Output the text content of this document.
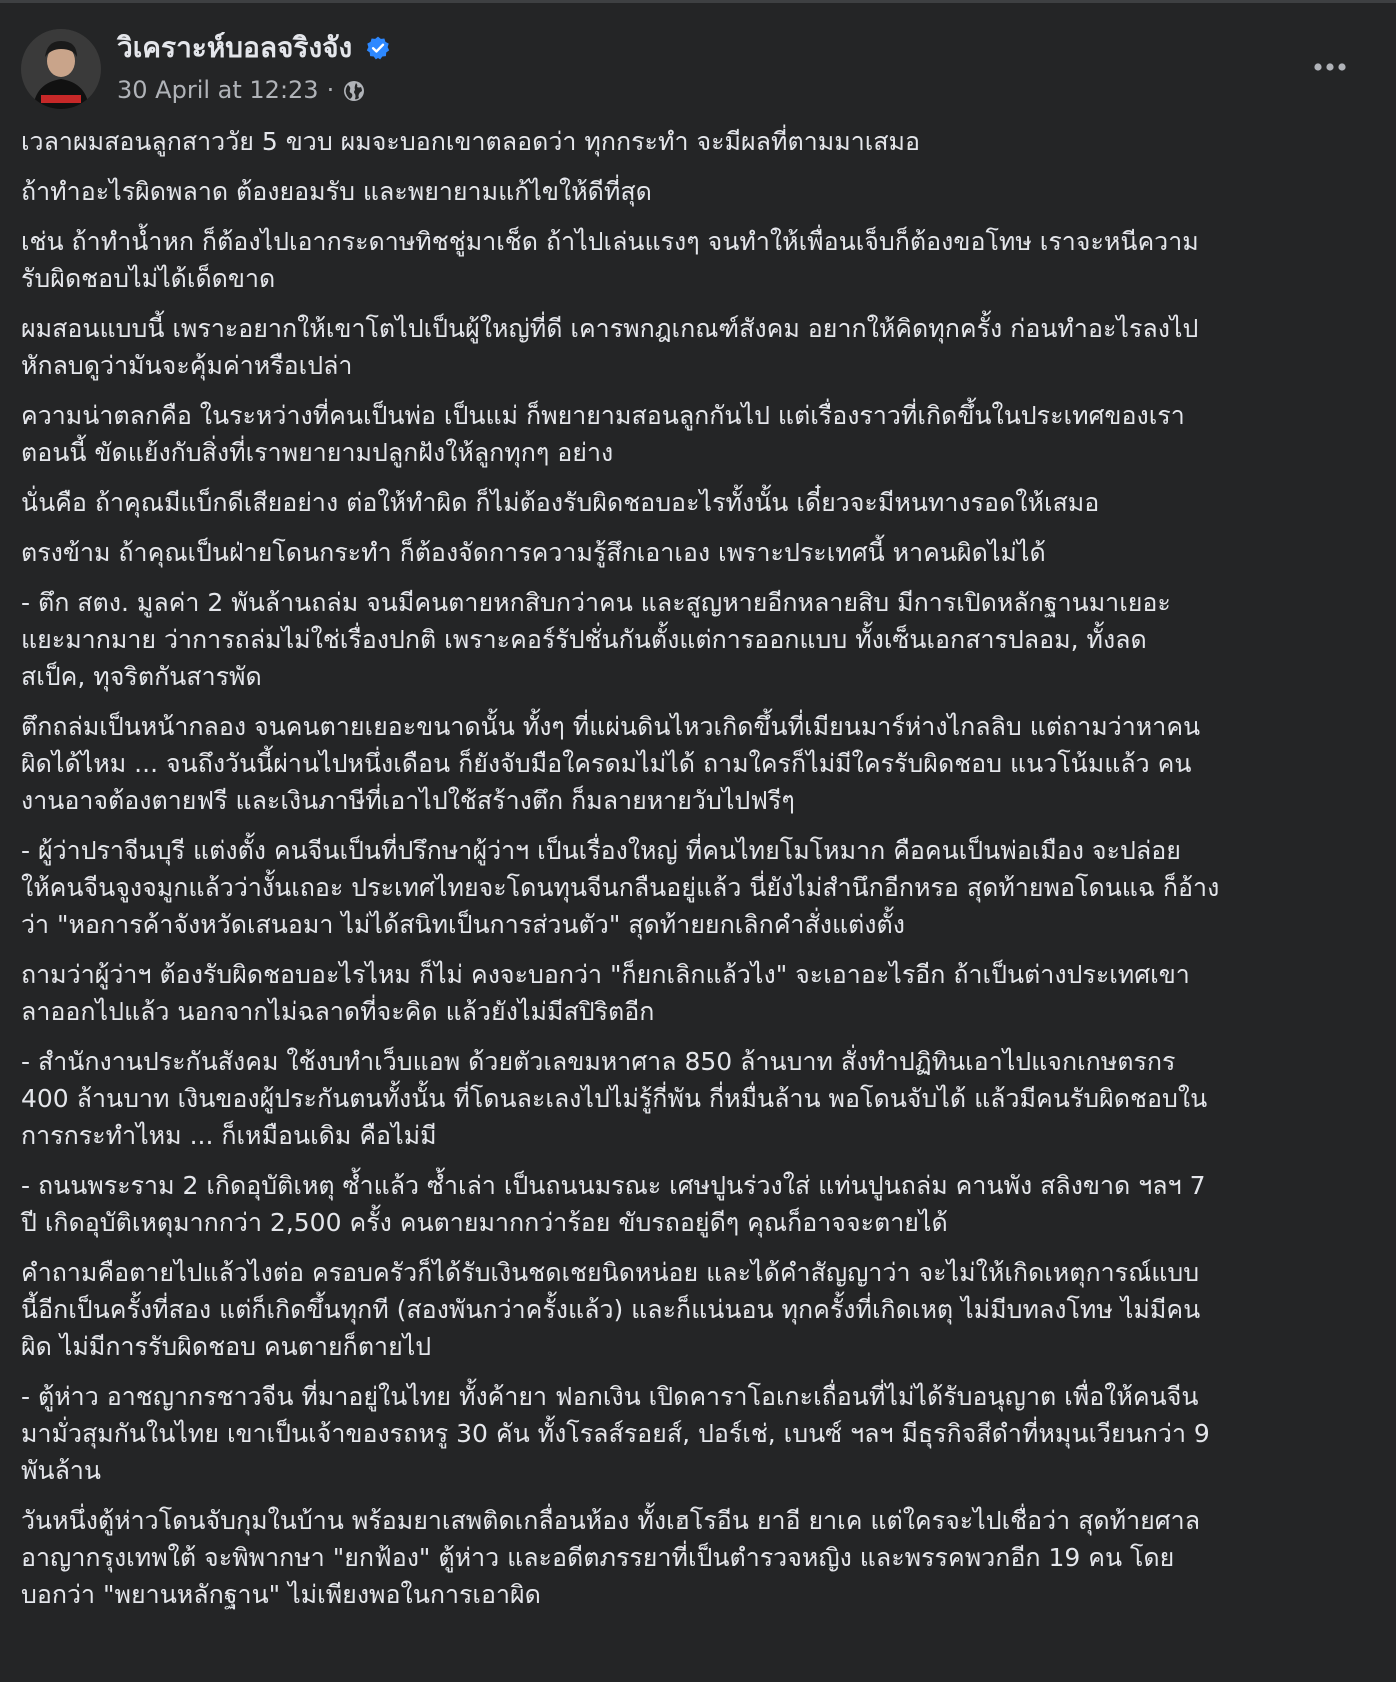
วิเคราะห์บอลจริงจัง
30 April at 12:23 ·

เวลาผมสอนลูกสาววัย 5 ขวบ ผมจะบอกเขาตลอดว่า ทุกกระทำ จะมีผลที่ตามมาเสมอ

ถ้าทำอะไรผิดพลาด ต้องยอมรับ และพยายามแก้ไขให้ดีที่สุด

เช่น ถ้าทำน้ำหก ก็ต้องไปเอากระดาษทิชชู่มาเช็ด ถ้าไปเล่นแรงๆ จนทำให้เพื่อนเจ็บก็ต้องขอโทษ เราจะหนีความ
รับผิดชอบไม่ได้เด็ดขาด

ผมสอนแบบนี้ เพราะอยากให้เขาโตไปเป็นผู้ใหญ่ที่ดี เคารพกฎเกณฑ์สังคม อยากให้คิดทุกครั้ง ก่อนทำอะไรลงไป
หักลบดูว่ามันจะคุ้มค่าหรือเปล่า

ความน่าตลกคือ ในระหว่างที่คนเป็นพ่อ เป็นแม่ ก็พยายามสอนลูกกันไป แต่เรื่องราวที่เกิดขึ้นในประเทศของเรา
ตอนนี้ ขัดแย้งกับสิ่งที่เราพยายามปลูกฝังให้ลูกทุกๆ อย่าง

นั่นคือ ถ้าคุณมีแบ็กดีเสียอย่าง ต่อให้ทำผิด ก็ไม่ต้องรับผิดชอบอะไรทั้งนั้น เดี๋ยวจะมีหนทางรอดให้เสมอ

ตรงข้าม ถ้าคุณเป็นฝ่ายโดนกระทำ ก็ต้องจัดการความรู้สึกเอาเอง เพราะประเทศนี้ หาคนผิดไม่ได้

- ตึก สตง. มูลค่า 2 พันล้านถล่ม จนมีคนตายหกสิบกว่าคน และสูญหายอีกหลายสิบ มีการเปิดหลักฐานมาเยอะ
แยะมากมาย ว่าการถล่มไม่ใช่เรื่องปกติ เพราะคอร์รัปชั่นกันตั้งแต่การออกแบบ ทั้งเซ็นเอกสารปลอม, ทั้งลด
สเป็ค, ทุจริตกันสารพัด

ตึกถล่มเป็นหน้ากลอง จนคนตายเยอะขนาดนั้น ทั้งๆ ที่แผ่นดินไหวเกิดขึ้นที่เมียนมาร์ห่างไกลลิบ แต่ถามว่าหาคน
ผิดได้ไหม ... จนถึงวันนี้ผ่านไปหนึ่งเดือน ก็ยังจับมือใครดมไม่ได้ ถามใครก็ไม่มีใครรับผิดชอบ แนวโน้มแล้ว คน
งานอาจต้องตายฟรี และเงินภาษีที่เอาไปใช้สร้างตึก ก็มลายหายวับไปฟรีๆ

- ผู้ว่าปราจีนบุรี แต่งตั้ง คนจีนเป็นที่ปรึกษาผู้ว่าฯ เป็นเรื่องใหญ่ ที่คนไทยโมโหมาก คือคนเป็นพ่อเมือง จะปล่อย
ให้คนจีนจูงจมูกแล้วว่างั้นเถอะ ประเทศไทยจะโดนทุนจีนกลืนอยู่แล้ว นี่ยังไม่สำนึกอีกหรอ สุดท้ายพอโดนแฉ ก็อ้าง
ว่า "หอการค้าจังหวัดเสนอมา ไม่ได้สนิทเป็นการส่วนตัว" สุดท้ายยกเลิกคำสั่งแต่งตั้ง

ถามว่าผู้ว่าฯ ต้องรับผิดชอบอะไรไหม ก็ไม่ คงจะบอกว่า "ก็ยกเลิกแล้วไง" จะเอาอะไรอีก ถ้าเป็นต่างประเทศเขา
ลาออกไปแล้ว นอกจากไม่ฉลาดที่จะคิด แล้วยังไม่มีสปิริตอีก

- สำนักงานประกันสังคม ใช้งบทำเว็บแอพ ด้วยตัวเลขมหาศาล 850 ล้านบาท สั่งทำปฏิทินเอาไปแจกเกษตรกร
400 ล้านบาท เงินของผู้ประกันตนทั้งนั้น ที่โดนละเลงไปไม่รู้กี่พัน กี่หมื่นล้าน พอโดนจับได้ แล้วมีคนรับผิดชอบใน
การกระทำไหม ... ก็เหมือนเดิม คือไม่มี

- ถนนพระราม 2 เกิดอุบัติเหตุ ซ้ำแล้ว ซ้ำเล่า เป็นถนนมรณะ เศษปูนร่วงใส่ แท่นปูนถล่ม คานพัง สลิงขาด ฯลฯ 7
ปี เกิดอุบัติเหตุมากกว่า 2,500 ครั้ง คนตายมากกว่าร้อย ขับรถอยู่ดีๆ คุณก็อาจจะตายได้

คำถามคือตายไปแล้วไงต่อ ครอบครัวก็ได้รับเงินชดเชยนิดหน่อย และได้คำสัญญาว่า จะไม่ให้เกิดเหตุการณ์แบบ
นี้อีกเป็นครั้งที่สอง แต่ก็เกิดขึ้นทุกที (สองพันกว่าครั้งแล้ว) และก็แน่นอน ทุกครั้งที่เกิดเหตุ ไม่มีบทลงโทษ ไม่มีคน
ผิด ไม่มีการรับผิดชอบ คนตายก็ตายไป

- ตู้ห่าว อาชญากรชาวจีน ที่มาอยู่ในไทย ทั้งค้ายา ฟอกเงิน เปิดคาราโอเกะเถื่อนที่ไม่ได้รับอนุญาต เพื่อให้คนจีน
มามั่วสุมกันในไทย เขาเป็นเจ้าของรถหรู 30 คัน ทั้งโรลส์รอยส์, ปอร์เช่, เบนซ์ ฯลฯ มีธุรกิจสีดำที่หมุนเวียนกว่า 9
พันล้าน

วันหนึ่งตู้ห่าวโดนจับกุมในบ้าน พร้อมยาเสพติดเกลื่อนห้อง ทั้งเฮโรอีน ยาอี ยาเค แต่ใครจะไปเชื่อว่า สุดท้ายศาล
อาญากรุงเทพใต้ จะพิพากษา "ยกฟ้อง" ตู้ห่าว และอดีตภรรยาที่เป็นตำรวจหญิง และพรรคพวกอีก 19 คน โดย
บอกว่า "พยานหลักฐาน" ไม่เพียงพอในการเอาผิด
